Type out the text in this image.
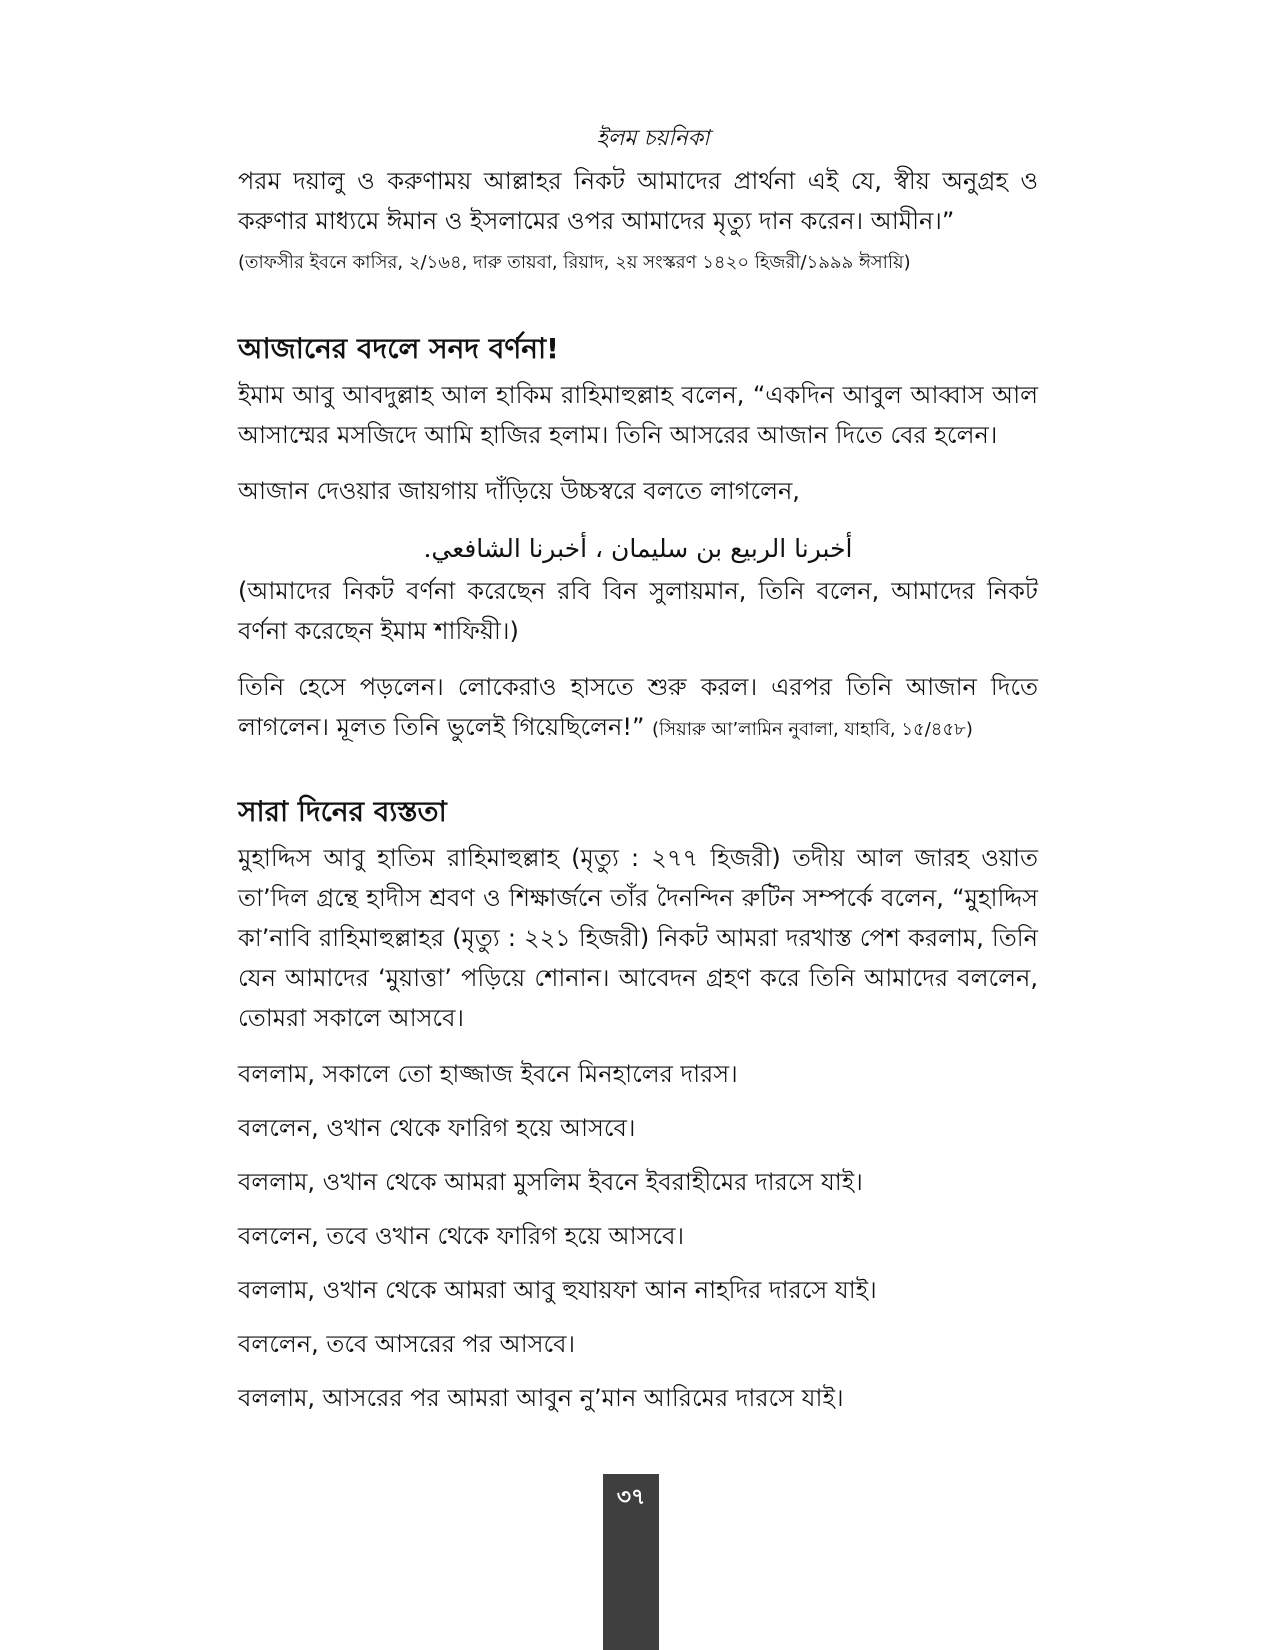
ইলম চয়নিকা

পরম দয়ালু ও করুণাময় আল্লাহর নিকট আমাদের প্রার্থনা এই যে, স্বীয় অনুগ্রহ ও করুণার মাধ্যমে ঈমান ও ইসলামের ওপর আমাদের মৃত্যু দান করেন। আমীন।”

(তাফসীর ইবনে কাসির, ২/১৬৪, দারু তায়বা, রিয়াদ, ২য় সংস্করণ ১৪২০ হিজরী/১৯৯৯ ঈসায়ি)
আজানের বদলে সনদ বর্ণনা!

ইমাম আবু আবদুল্লাহ আল হাকিম রাহিমাহুল্লাহ বলেন, “একদিন আবুল আব্বাস আল আসাম্মের মসজিদে আমি হাজির হলাম। তিনি আসরের আজান দিতে বের হলেন।

আজান দেওয়ার জায়গায় দাঁড়িয়ে উচ্চস্বরে বলতে লাগলেন,

أخبرنا الربيع بن سليمان ، أخبرنا الشافعي.

(আমাদের নিকট বর্ণনা করেছেন রবি বিন সুলায়মান, তিনি বলেন, আমাদের নিকট বর্ণনা করেছেন ইমাম শাফিয়ী।)

তিনি হেসে পড়লেন। লোকেরাও হাসতে শুরু করল। এরপর তিনি আজান দিতে লাগলেন। মূলত তিনি ভুলেই গিয়েছিলেন!” (সিয়ারু আ’লামিন নুবালা, যাহাবি, ১৫/৪৫৮)

সারা দিনের ব্যস্ততা

মুহাদ্দিস আবু হাতিম রাহিমাহুল্লাহ (মৃত্যু : ২৭৭ হিজরী) তদীয় আল জারহ ওয়াত তা’দিল গ্রন্থে হাদীস শ্রবণ ও শিক্ষার্জনে তাঁর দৈনন্দিন রুটিন সম্পর্কে বলেন, “মুহাদ্দিস কা’নাবি রাহিমাহুল্লাহর (মৃত্যু : ২২১ হিজরী) নিকট আমরা দরখাস্ত পেশ করলাম, তিনি যেন আমাদের ‘মুয়াত্তা’ পড়িয়ে শোনান। আবেদন গ্রহণ করে তিনি আমাদের বললেন, তোমরা সকালে আসবে।

বললাম, সকালে তো হাজ্জাজ ইবনে মিনহালের দারস।

বললেন, ওখান থেকে ফারিগ হয়ে আসবে।

বললাম, ওখান থেকে আমরা মুসলিম ইবনে ইবরাহীমের দারসে যাই।

বললেন, তবে ওখান থেকে ফারিগ হয়ে আসবে।

বললাম, ওখান থেকে আমরা আবু হুযায়ফা আন নাহদির দারসে যাই।

বললেন, তবে আসরের পর আসবে।

বললাম, আসরের পর আমরা আবুন নু’মান আরিমের দারসে যাই।

৩৭
